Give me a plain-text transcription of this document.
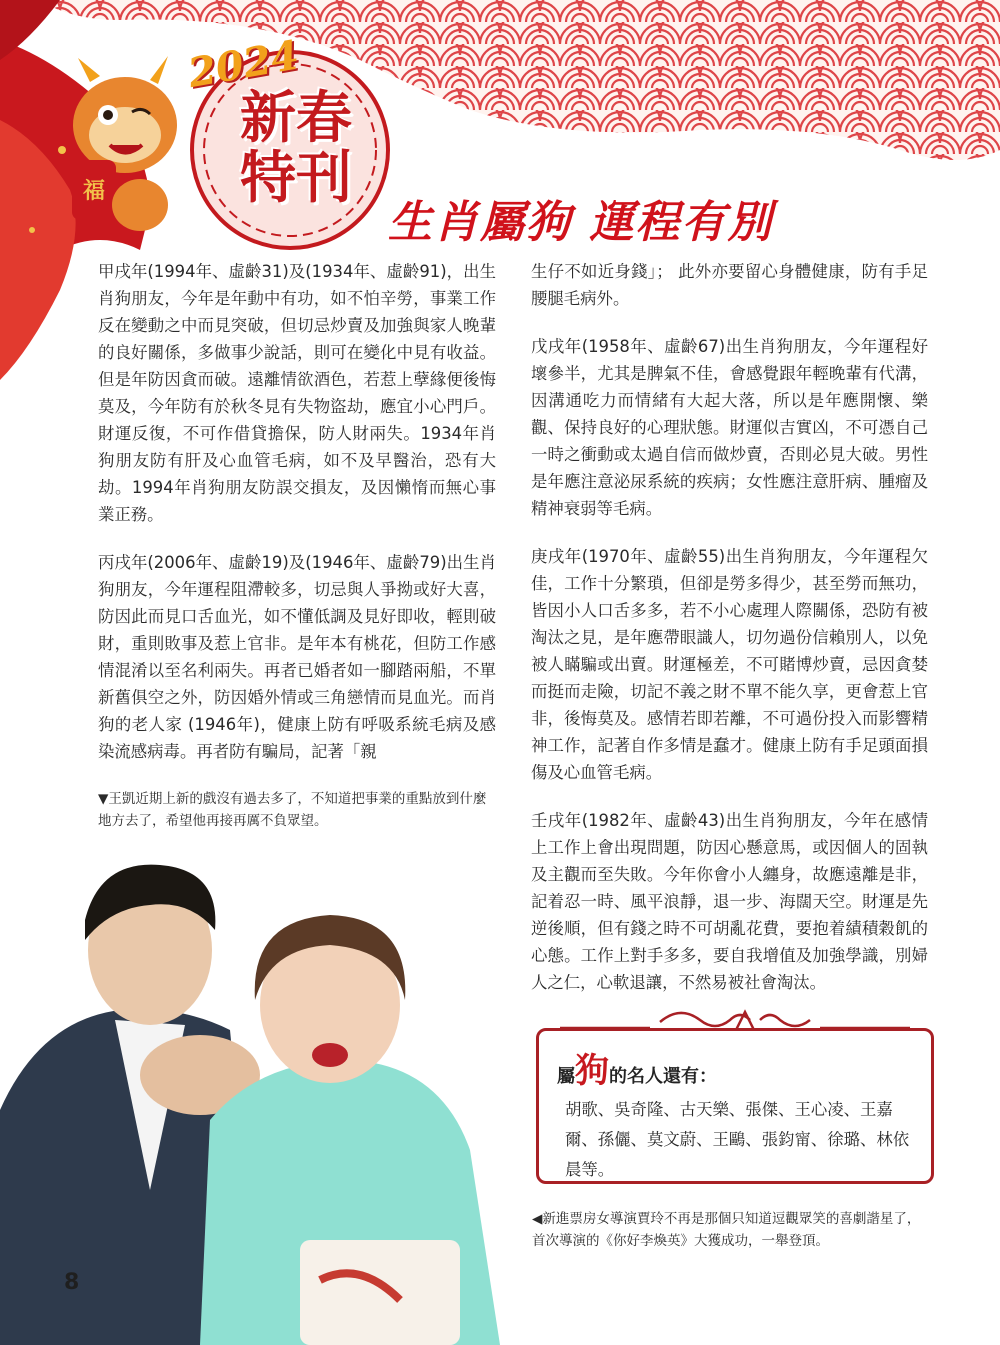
福
2024
新春特刊
生肖屬狗 運程有別

甲戌年(1994年、虛齡31)及(1934年、虛齡91)，出生肖狗朋友，今年是年動中有功，如不怕辛勞，事業工作反在變動之中而見突破，但切忌炒賣及加強與家人晚輩的良好關係，多做事少說話，則可在變化中見有收益。但是年防因貪而破。遠離情欲酒色，若惹上孽緣便後悔莫及，今年防有於秋冬見有失物盜劫，應宜小心門戶。財運反復，不可作借貸擔保，防人財兩失。1934年肖狗朋友防有肝及心血管毛病，如不及早醫治，恐有大劫。1994年肖狗朋友防誤交損友，及因懶惰而無心事業正務。

丙戌年(2006年、虛齡19)及(1946年、虛齡79)出生肖狗朋友，今年運程阻滯較多，切忌與人爭拗或好大喜，防因此而見口舌血光，如不懂低調及見好即收，輕則破財，重則敗事及惹上官非。是年本有桃花，但防工作感情混淆以至名利兩失。再者已婚者如一腳踏兩船，不單新舊俱空之外，防因婚外情或三角戀情而見血光。而肖狗的老人家 (1946年)，健康上防有呼吸系統毛病及感染流感病毒。再者防有騙局，記著「親

生仔不如近身錢」； 此外亦要留心身體健康，防有手足腰腿毛病外。

戊戌年(1958年、虛齡67)出生肖狗朋友，今年運程好壞參半，尤其是脾氣不佳，會感覺跟年輕晚輩有代溝，因溝通吃力而情緒有大起大落，所以是年應開懷、樂觀、保持良好的心理狀態。財運似吉實凶，不可憑自己一時之衝動或太過自信而做炒賣，否則必見大破。男性是年應注意泌尿系統的疾病；女性應注意肝病、腫瘤及精神衰弱等毛病。

庚戌年(1970年、虛齡55)出生肖狗朋友，今年運程欠佳，工作十分繁瑣，但卻是勞多得少，甚至勞而無功，皆因小人口舌多多，若不小心處理人際關係，恐防有被淘汰之見，是年應帶眼識人，切勿過份信賴別人，以免被人瞞騙或出賣。財運極差，不可賭博炒賣，忌因貪婪而挺而走險，切記不義之財不單不能久享，更會惹上官非，後悔莫及。感情若即若離，不可過份投入而影響精神工作，記著自作多情是蠢才。健康上防有手足頭面損傷及心血管毛病。

壬戌年(1982年、虛齡43)出生肖狗朋友，今年在感情上工作上會出現問題，防因心懸意馬，或因個人的固執及主觀而至失敗。今年你會小人纏身，故應遠離是非，記着忍一時、風平浪靜，退一步、海闊天空。財運是先逆後順，但有錢之時不可胡亂花費，要抱着績積穀飢的心態。工作上對手多多，要自我增值及加強學識，別婦人之仁，心軟退讓，不然易被社會淘汰。

▼王凱近期上新的戲沒有過去多了，不知道把事業的重點放到什麼地方去了，希望他再接再厲不負眾望。
8
屬狗的名人還有：
胡歌、吳奇隆、古天樂、張傑、王心凌、王嘉爾、孫儷、莫文蔚、王鷗、張鈞甯、徐璐、林依晨等。
◀新進票房女導演賈玲不再是那個只知道逗觀眾笑的喜劇諧星了，首次導演的《你好李煥英》大獲成功，一舉登頂。
